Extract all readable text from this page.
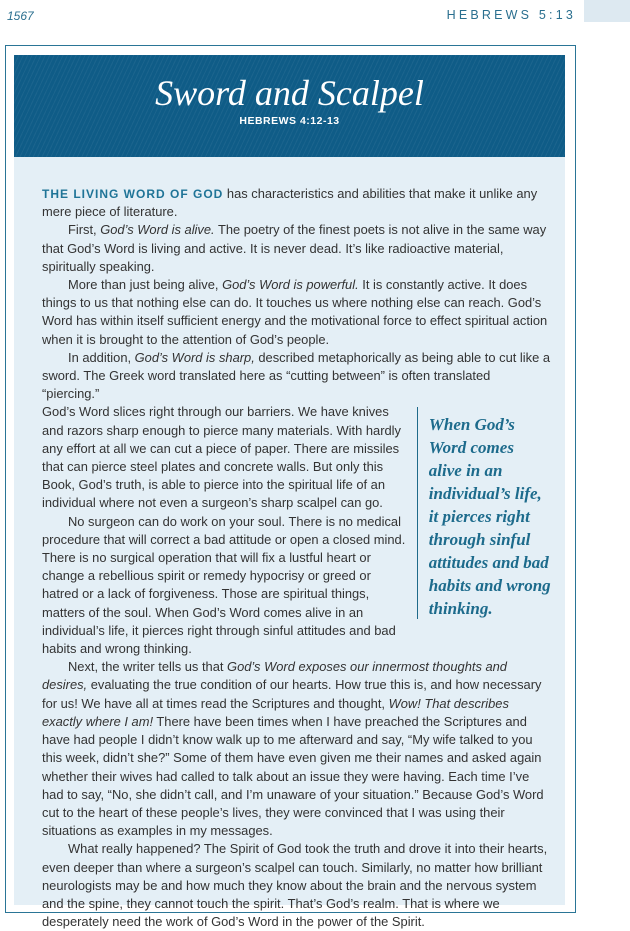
1567	HEBREWS 5:13
Sword and Scalpel
HEBREWS 4:12-13

THE LIVING WORD OF GOD has characteristics and abilities that make it unlike any mere piece of literature.

First, God’s Word is alive. The poetry of the finest poets is not alive in the same way that God’s Word is living and active. It is never dead. It’s like radioactive material, spiritually speaking.

More than just being alive, God’s Word is powerful. It is constantly active. It does things to us that nothing else can do. It touches us where nothing else can reach. God’s Word has within itself sufficient energy and the motivational force to effect spiritual action when it is brought to the attention of God’s people.

In addition, God’s Word is sharp, described metaphorically as being able to cut like a sword. The Greek word translated here as “cutting between” is often translated “piercing.”

God’s Word slices right through our barriers. We have knives and razors sharp enough to pierce many materials. With hardly any effort at all we can cut a piece of paper. There are missiles that can pierce steel plates and concrete walls. But only this Book, God’s truth, is able to pierce into the spiritual life of an individual where not even a surgeon’s sharp scalpel can go.

No surgeon can do work on your soul. There is no medical procedure that will correct a bad attitude or open a closed mind. There is no surgical operation that will fix a lustful heart or change a rebellious spirit or remedy hypocrisy or greed or hatred or a lack of forgiveness. Those are spiritual things, matters of the soul. When God’s Word comes alive in an individual’s life, it pierces right through sinful attitudes and bad habits and wrong thinking.

When God’s Word comes alive in an individual’s life, it pierces right through sinful attitudes and bad habits and wrong thinking.

Next, the writer tells us that God’s Word exposes our innermost thoughts and desires, evaluating the true condition of our hearts. How true this is, and how necessary for us! We have all at times read the Scriptures and thought, Wow! That describes exactly where I am! There have been times when I have preached the Scriptures and have had people I didn’t know walk up to me afterward and say, “My wife talked to you this week, didn’t she?” Some of them have even given me their names and asked again whether their wives had called to talk about an issue they were having. Each time I’ve had to say, “No, she didn’t call, and I’m unaware of your situation.” Because God’s Word cut to the heart of these people’s lives, they were convinced that I was using their situations as examples in my messages.

What really happened? The Spirit of God took the truth and drove it into their hearts, even deeper than where a surgeon’s scalpel can touch. Similarly, no matter how brilliant neurologists may be and how much they know about the brain and the nervous system and the spine, they cannot touch the spirit. That’s God’s realm. That is where we desperately need the work of God’s Word in the power of the Spirit.
